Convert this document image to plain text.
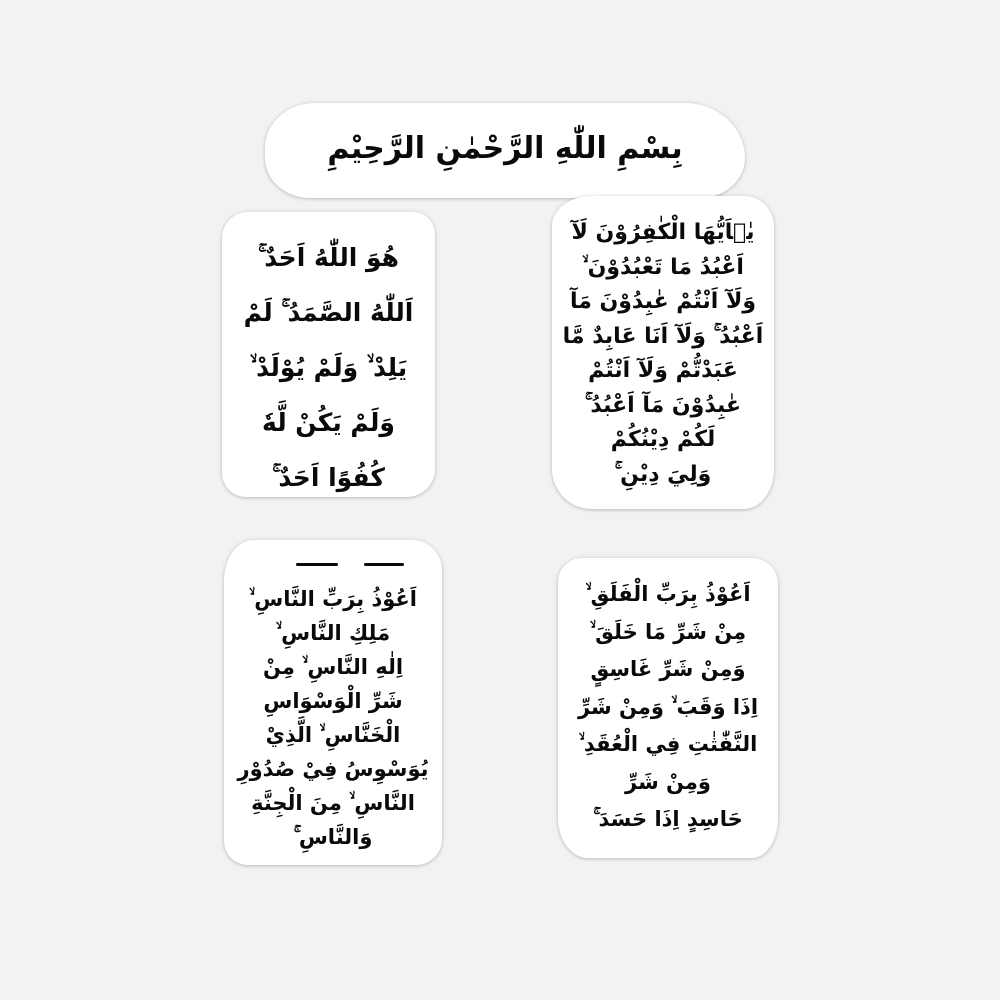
بِسْمِ اللّٰهِ الرَّحْمٰنِ الرَّحِيْمِ
هُوَ اللّٰهُ اَحَدٌ ۚ
اَللّٰهُ الصَّمَدُ ۚ لَمْ
يَلِدْ ۙ وَلَمْ يُوْلَدْ ۙ
وَلَمْ يَكُنْ لَّهٗ
كُفُوًا اَحَدٌ ۚ
يٰۤاَيُّهَا الْكٰفِرُوْنَ لَآ
اَعْبُدُ مَا تَعْبُدُوْنَ ۙ
وَلَآ اَنْتُمْ عٰبِدُوْنَ مَآ
اَعْبُدُ ۚ وَلَآ اَنَا عَابِدٌ مَّا
عَبَدْتُّمْ وَلَآ اَنْتُمْ
عٰبِدُوْنَ مَآ اَعْبُدُ ۚ
لَكُمْ دِيْنُكُمْ
وَلِيَ دِيْنِ ۚ
اَعُوْذُ بِرَبِّ النَّاسِ ۙ
مَلِكِ النَّاسِ ۙ
اِلٰهِ النَّاسِ ۙ مِنْ
شَرِّ الْوَسْوَاسِ
الْخَنَّاسِ ۙ الَّذِيْ
يُوَسْوِسُ فِيْ صُدُوْرِ
النَّاسِ ۙ مِنَ الْجِنَّةِ
وَالنَّاسِ ۚ
اَعُوْذُ بِرَبِّ الْفَلَقِ ۙ
مِنْ شَرِّ مَا خَلَقَ ۙ
وَمِنْ شَرِّ غَاسِقٍ
اِذَا وَقَبَ ۙ وَمِنْ شَرِّ
النَّفّٰثٰتِ فِي الْعُقَدِ ۙ
وَمِنْ شَرِّ
حَاسِدٍ اِذَا حَسَدَ ۚ
